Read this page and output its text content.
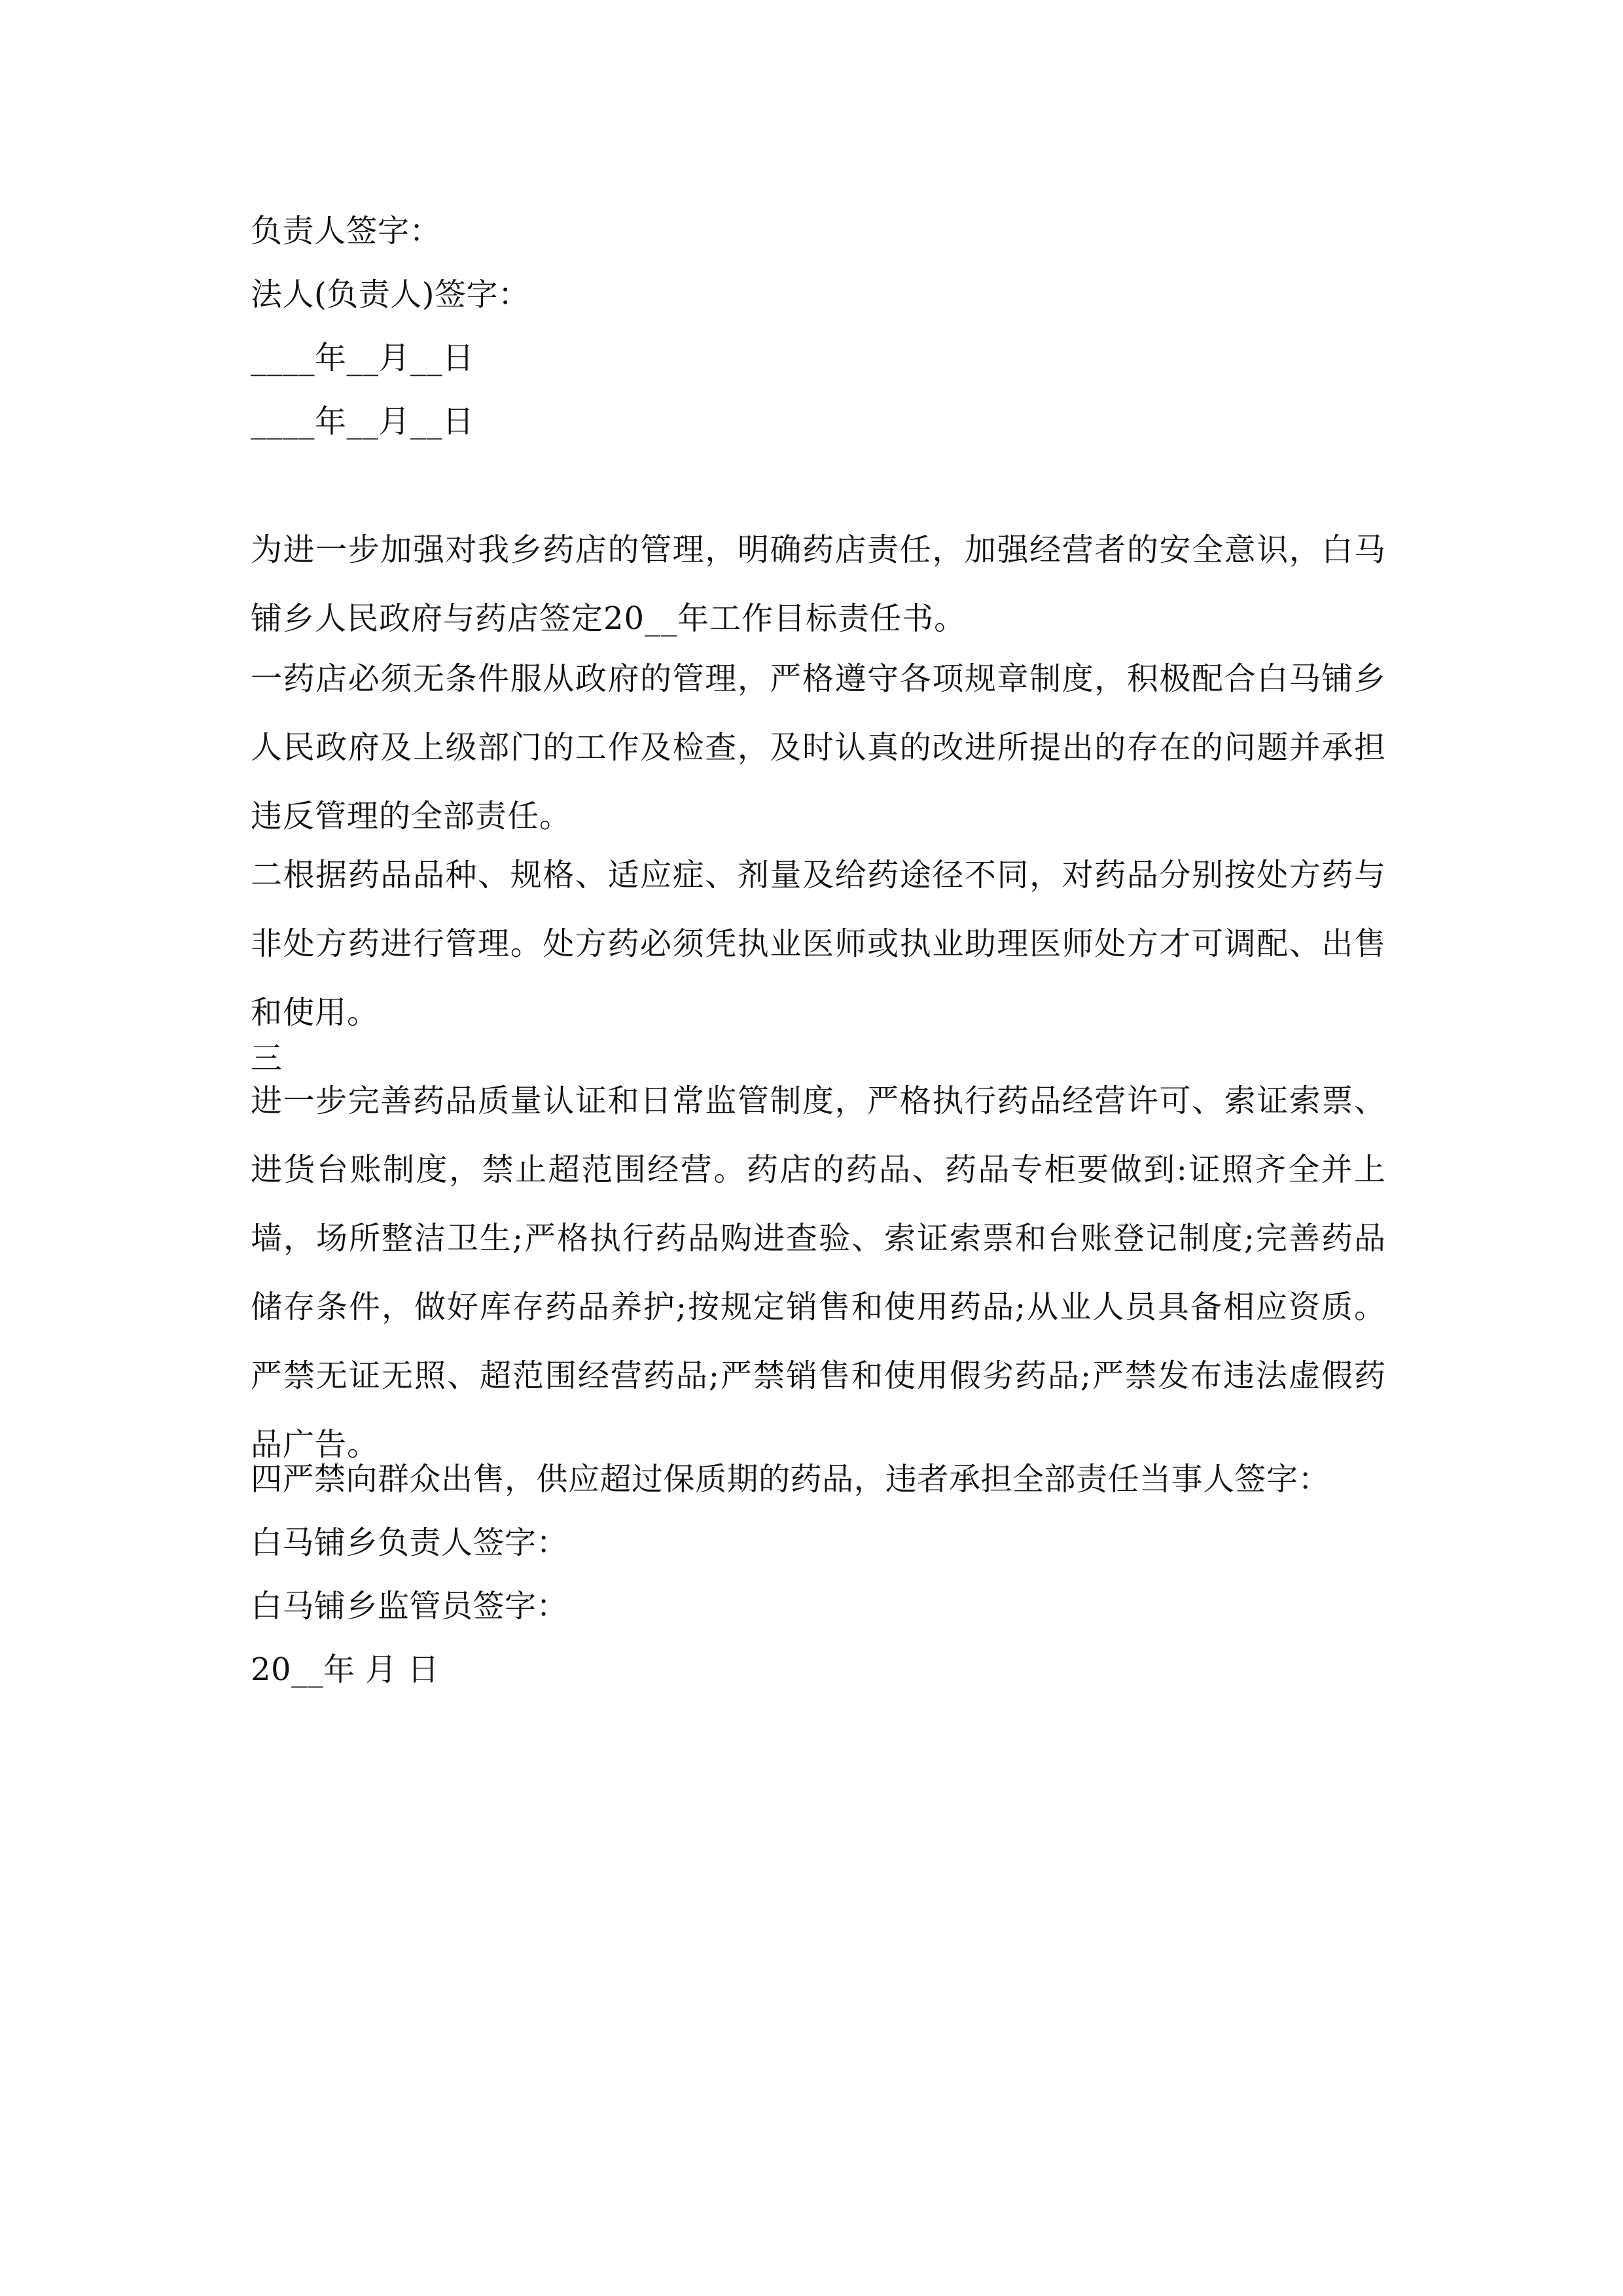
负责人签字：
法人(负责人)签字：
____年__月__日
____年__月__日
为进一步加强对我乡药店的管理，明确药店责任，加强经营者的安全意识，白马铺乡人民政府与药店签定20__年工作目标责任书。
一药店必须无条件服从政府的管理，严格遵守各项规章制度，积极配合白马铺乡人民政府及上级部门的工作及检查，及时认真的改进所提出的存在的问题并承担违反管理的全部责任。
二根据药品品种、规格、适应症、剂量及给药途径不同，对药品分别按处方药与非处方药进行管理。处方药必须凭执业医师或执业助理医师处方才可调配、出售和使用。
三
进一步完善药品质量认证和日常监管制度，严格执行药品经营许可、索证索票、进货台账制度，禁止超范围经营。药店的药品、药品专柜要做到:证照齐全并上墙，场所整洁卫生;严格执行药品购进查验、索证索票和台账登记制度;完善药品储存条件，做好库存药品养护;按规定销售和使用药品;从业人员具备相应资质。严禁无证无照、超范围经营药品;严禁销售和使用假劣药品;严禁发布违法虚假药品广告。
四严禁向群众出售，供应超过保质期的药品，违者承担全部责任当事人签字：
白马铺乡负责人签字：
白马铺乡监管员签字：
20__年 月 日
